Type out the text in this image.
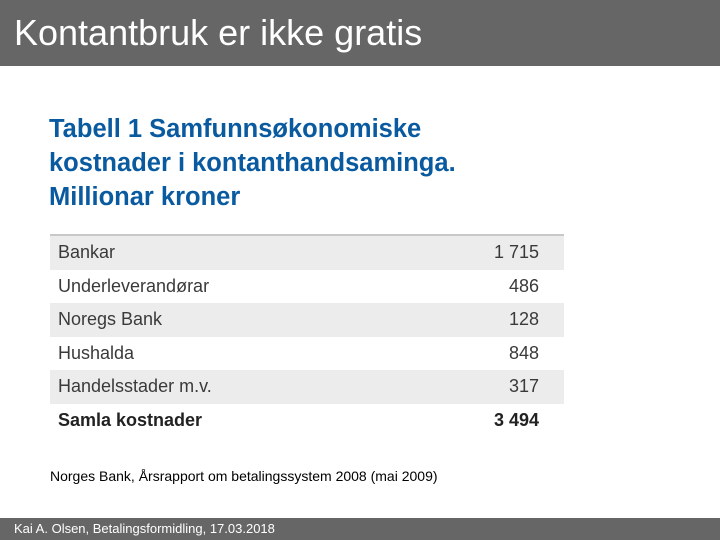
Kontantbruk er ikke gratis
Tabell 1 Samfunnsøkonomiske
kostnader i kontanthandsaminga.
Millionar kroner
Bankar	1 715
Underleverandørar	486
Noregs Bank	128
Hushalda	848
Handelsstader m.v.	317
Samla kostnader	3 494
Norges Bank, Årsrapport om betalingssystem 2008 (mai 2009)
Kai A. Olsen, Betalingsformidling, 17.03.2018
